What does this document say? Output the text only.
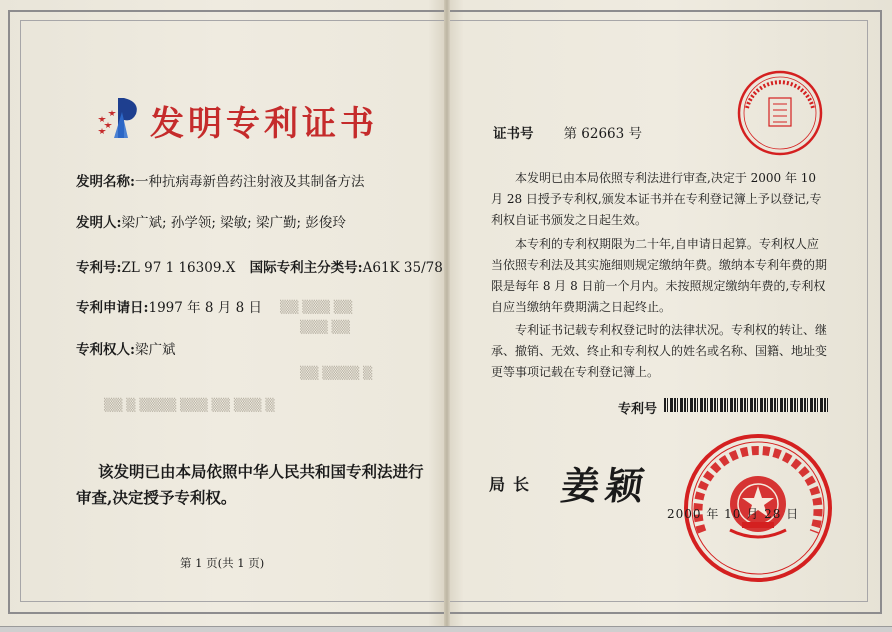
发明专利证书
发明名称:一种抗病毒新兽药注射液及其制备方法
发明人:梁广斌; 孙学领; 梁敏; 梁广勤; 彭俊玲
专利号:ZL 97 1 16309.X 国际专利主分类号:A61K 35/78
专利申请日:1997 年 8 月 8 日
专利权人:梁广斌
▒▒ ▒▒▒ ▒▒
▒▒▒ ▒▒
▒▒ ▒▒▒▒ ▒
▒▒ ▒ ▒▒▒▒ ▒▒▒ ▒▒ ▒▒▒ ▒
该发明已由本局依照中华人民共和国专利法进行
审查,决定授予专利权。
第 1 页(共 1 页)
证书号 第 62663 号

本发明已由本局依照专利法进行审查,决定于 2000 年 10 月 28 日授予专利权,颁发本证书并在专利登记簿上予以登记,专利权自证书颁发之日起生效。

本专利的专利权期限为二十年,自申请日起算。专利权人应当依照专利法及其实施细则规定缴纳年费。缴纳本专利年费的期限是每年 8 月 8 日前一个月内。未按照规定缴纳年费的,专利权自应当缴纳年费期满之日起终止。

专利证书记载专利权登记时的法律状况。专利权的转让、继承、撤销、无效、终止和专利权人的姓名或名称、国籍、地址变更等事项记载在专利登记簿上。

专利号
局长 姜颖
2000 年 10 月 28 日
